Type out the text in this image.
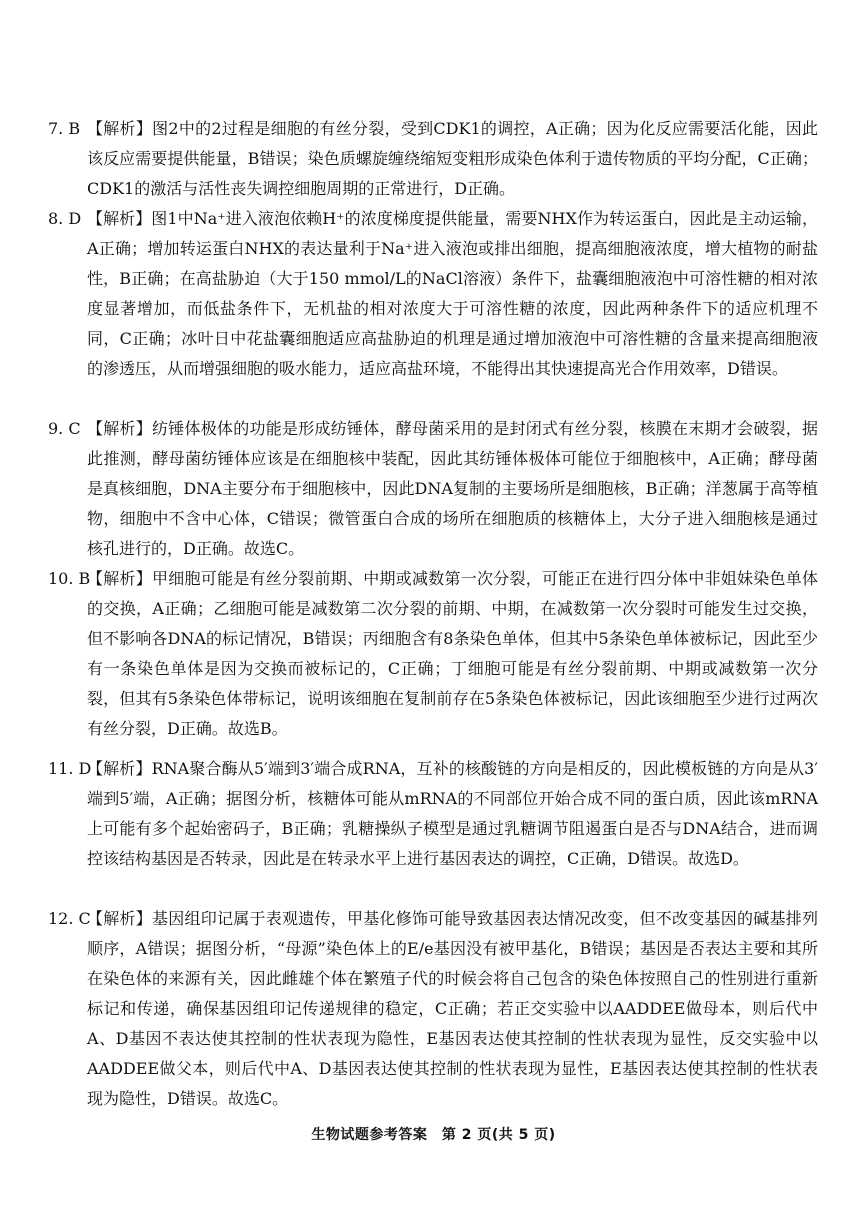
7. B 【解析】图2中的2过程是细胞的有丝分裂，受到CDK1的调控，A正确；因为化反应需要活化能，因此该反应需要提供能量，B错误；染色质螺旋缠绕缩短变粗形成染色体利于遗传物质的平均分配，C正确；CDK1的激活与活性丧失调控细胞周期的正常进行，D正确。
8. D 【解析】图1中Na⁺进入液泡依赖H⁺的浓度梯度提供能量，需要NHX作为转运蛋白，因此是主动运输，A正确；增加转运蛋白NHX的表达量利于Na⁺进入液泡或排出细胞，提高细胞液浓度，增大植物的耐盐性，B正确；在高盐胁迫（大于150 mmol/L的NaCl溶液）条件下，盐囊细胞液泡中可溶性糖的相对浓度显著增加，而低盐条件下，无机盐的相对浓度大于可溶性糖的浓度，因此两种条件下的适应机理不同，C正确；冰叶日中花盐囊细胞适应高盐胁迫的机理是通过增加液泡中可溶性糖的含量来提高细胞液的渗透压，从而增强细胞的吸水能力，适应高盐环境，不能得出其快速提高光合作用效率，D错误。
9. C 【解析】纺锤体极体的功能是形成纺锤体，酵母菌采用的是封闭式有丝分裂，核膜在末期才会破裂，据此推测，酵母菌纺锤体应该是在细胞核中装配，因此其纺锤体极体可能位于细胞核中，A正确；酵母菌是真核细胞，DNA主要分布于细胞核中，因此DNA复制的主要场所是细胞核，B正确；洋葱属于高等植物，细胞中不含中心体，C错误；微管蛋白合成的场所在细胞质的核糖体上，大分子进入细胞核是通过核孔进行的，D正确。故选C。
10. B
【解析】甲细胞可能是有丝分裂前期、中期或减数第一次分裂，可能正在进行四分体中非姐妹染色单体的交换，A正确；乙细胞可能是减数第二次分裂的前期、中期，在减数第一次分裂时可能发生过交换，但不影响各DNA的标记情况，B错误；丙细胞含有8条染色单体，但其中5条染色单体被标记，因此至少有一条染色单体是因为交换而被标记的，C正确；丁细胞可能是有丝分裂前期、中期或减数第一次分裂，但其有5条染色体带标记，说明该细胞在复制前存在5条染色体被标记，因此该细胞至少进行过两次有丝分裂，D正确。故选B。
11. D
【解析】RNA聚合酶从5′端到3′端合成RNA，互补的核酸链的方向是相反的，因此模板链的方向是从3′端到5′端，A正确；据图分析，核糖体可能从mRNA的不同部位开始合成不同的蛋白质，因此该mRNA上可能有多个起始密码子，B正确；乳糖操纵子模型是通过乳糖调节阻遏蛋白是否与DNA结合，进而调控该结构基因是否转录，因此是在转录水平上进行基因表达的调控，C正确，D错误。故选D。
12. C
【解析】基因组印记属于表观遗传，甲基化修饰可能导致基因表达情况改变，但不改变基因的碱基排列顺序，A错误；据图分析，“母源”染色体上的E/e基因没有被甲基化，B错误；基因是否表达主要和其所在染色体的来源有关，因此雌雄个体在繁殖子代的时候会将自己包含的染色体按照自己的性别进行重新标记和传递，确保基因组印记传递规律的稳定，C正确；若正交实验中以AADDEE做母本，则后代中A、D基因不表达使其控制的性状表现为隐性，E基因表达使其控制的性状表现为显性，反交实验中以AADDEE做父本，则后代中A、D基因表达使其控制的性状表现为显性，E基因表达使其控制的性状表现为隐性，D错误。故选C。
生物试题参考答案　第 2 页(共 5 页)
